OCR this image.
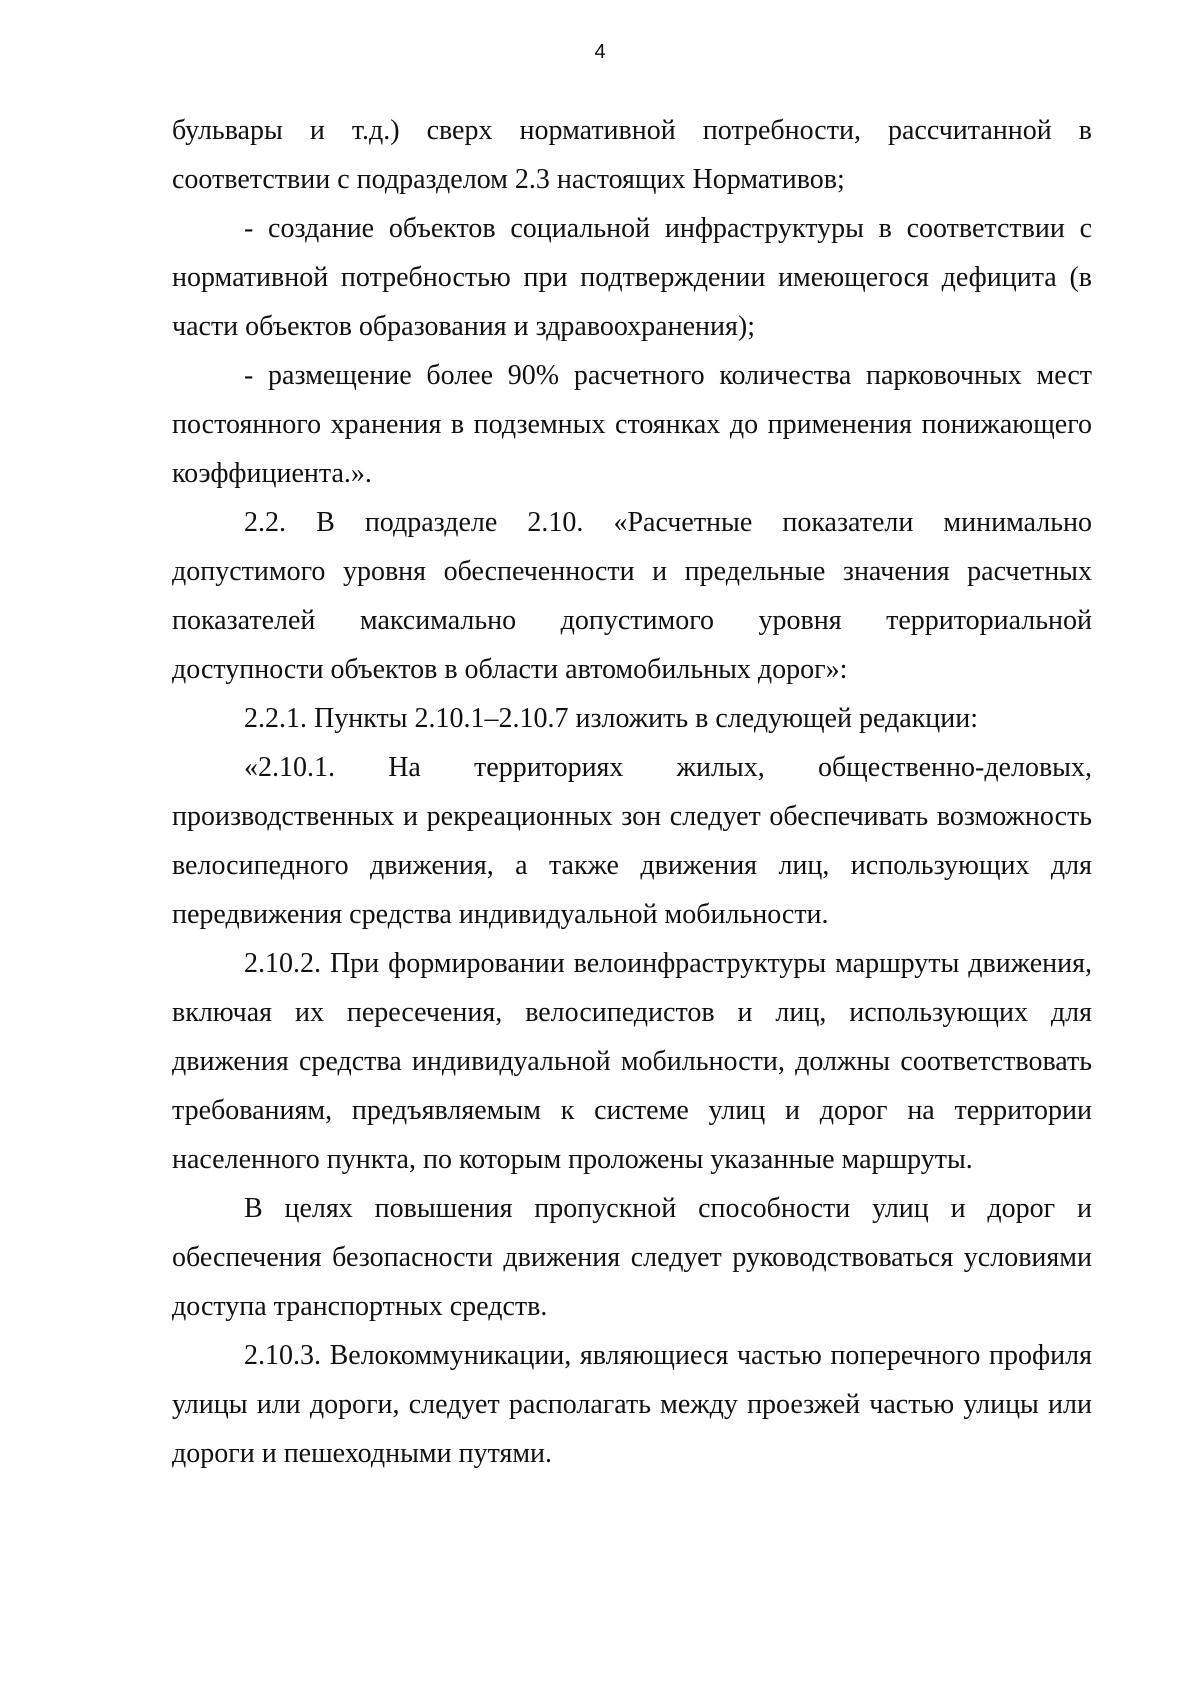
4

бульвары и т.д.) сверх нормативной потребности, рассчитанной в соответствии с подразделом 2.3 настоящих Нормативов;

- создание объектов социальной инфраструктуры в соответствии с нормативной потребностью при подтверждении имеющегося дефицита (в части объектов образования и здравоохранения);

- размещение более 90% расчетного количества парковочных мест постоянного хранения в подземных стоянках до применения понижающего коэффициента.».

2.2. В подразделе 2.10. «Расчетные показатели минимально допустимого уровня обеспеченности и предельные значения расчетных показателей максимально допустимого уровня территориальной доступности объектов в области автомобильных дорог»:

2.2.1. Пункты 2.10.1–2.10.7 изложить в следующей редакции:

«2.10.1. На территориях жилых, общественно-деловых, производственных и рекреационных зон следует обеспечивать возможность велосипедного движения, а также движения лиц, использующих для передвижения средства индивидуальной мобильности.

2.10.2. При формировании велоинфраструктуры маршруты движения, включая их пересечения, велосипедистов и лиц, использующих для движения средства индивидуальной мобильности, должны соответствовать требованиям, предъявляемым к системе улиц и дорог на территории населенного пункта, по которым проложены указанные маршруты.

В целях повышения пропускной способности улиц и дорог и обеспечения безопасности движения следует руководствоваться условиями доступа транспортных средств.

2.10.3. Велокоммуникации, являющиеся частью поперечного профиля улицы или дороги, следует располагать между проезжей частью улицы или дороги и пешеходными путями.
